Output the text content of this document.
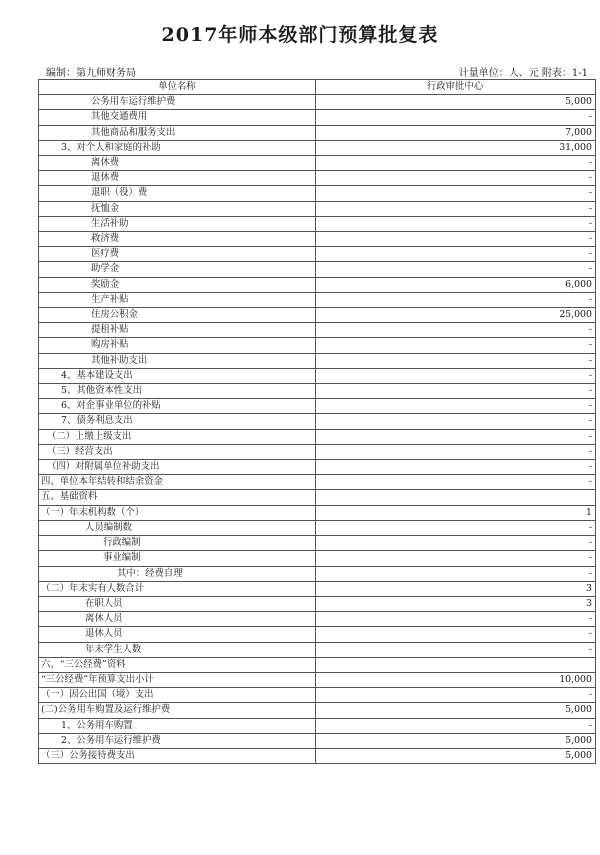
2017年师本级部门预算批复表
编制：第九师财务局	计量单位：人、元 附表：1-1
单位名称	行政审批中心
公务用车运行维护费	5,000
其他交通费用	-
其他商品和服务支出	7,000
3、对个人和家庭的补助	31,000
离休费	-
退休费	-
退职（役）费	-
抚恤金	-
生活补助	-
救济费	-
医疗费	-
助学金	-
奖励金	6,000
生产补贴	-
住房公积金	25,000
提租补贴	-
购房补贴	-
其他补助支出	-
4、基本建设支出	-
5、其他资本性支出	-
6、对企事业单位的补贴	-
7、债务利息支出	-
（二）上缴上级支出	-
（三）经营支出	-
（四）对附属单位补助支出	-
四、单位本年结转和结余资金	-
五、基础资料	
（一）年末机构数（个）	1
人员编制数	-
行政编制	-
事业编制	-
其中：经费自理	-
（二）年末实有人数合计	3
在职人员	3
离休人员	-
退休人员	-
年末学生人数	-
六、“三公经费”资料	
“三公经费”年预算支出小计	10,000
（一）因公出国（境）支出	-
(二)公务用车购置及运行维护费	5,000
1、公务用车购置	-
2、公务用车运行维护费	5,000
（三）公务接待费支出	5,000
